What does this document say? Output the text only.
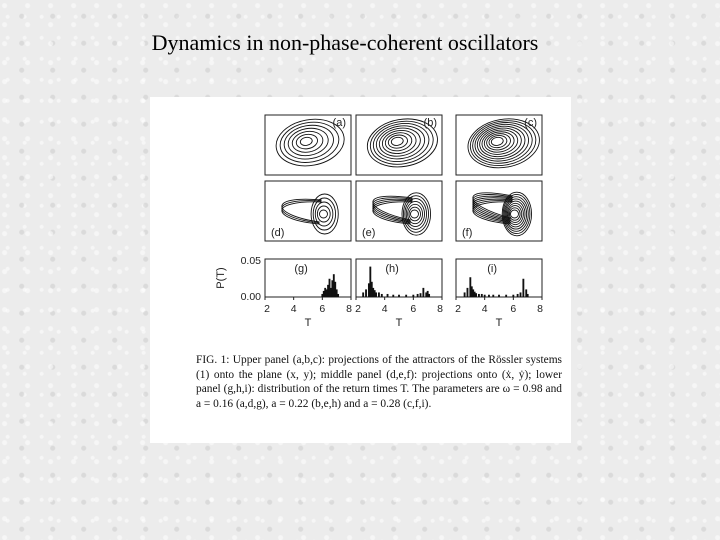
Dynamics in non-phase-coherent oscillators
(a)	(b)	(c)
(d)	(e)	(f)
(g)
2 4 6 8
T
(h)
2 4 6 8
T
(i)
2 4 6 8
T
0.05
0.00
P(T)
FIG. 1: Upper panel (a,b,c): projections of the attractors of the Rössler systems (1) onto the plane (x, y); middle panel (d,e,f): projections onto (ẋ, ẏ); lower panel (g,h,i): distribution of the return times T. The parameters are ω = 0.98 and a = 0.16 (a,d,g), a = 0.22 (b,e,h) and a = 0.28 (c,f,i).
